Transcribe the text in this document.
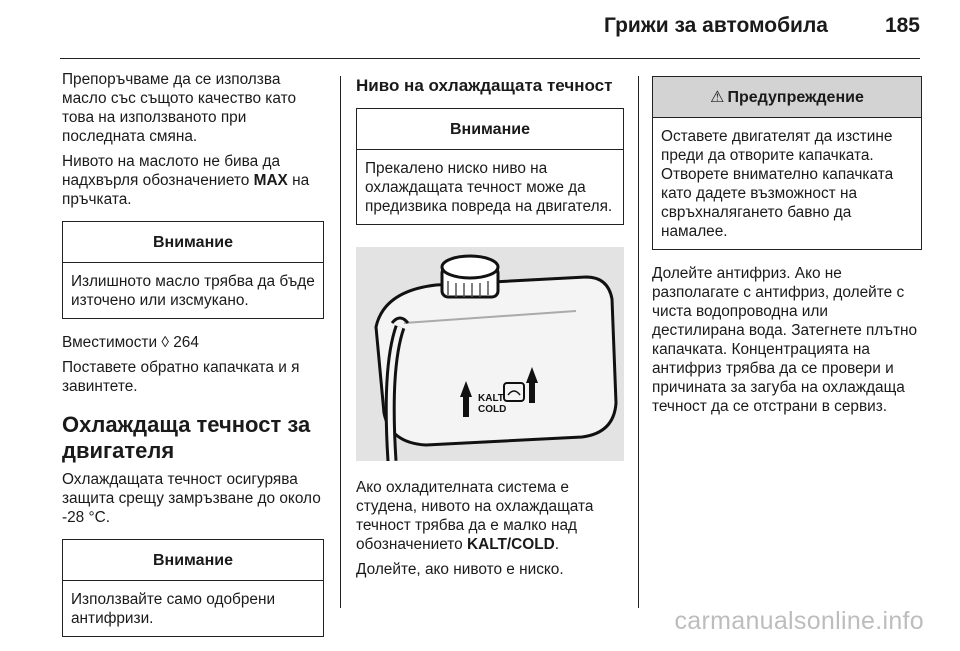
Грижи за автомобила	185

Препоръчваме да се използва масло със същото качество като това на използваното при последната смяна.

Нивото на маслото не бива да надхвърля обозначението MAX на пръчката.

Внимание
Излишното масло трябва да бъде източено или изсмукано.

Вместимости ◊ 264

Поставете обратно капачката и я завинтете.

Охлаждаща течност за двигателя

Охлаждащата течност осигурява защита срещу замръзване до около -28 °C.

Внимание
Използвайте само одобрени антифризи.
Ниво на охлаждащата течност
Внимание
Прекалено ниско ниво на охлаждащата течност може да предизвика повреда на двигателя.
KALT
COLD

Ако охладителната система е студена, нивото на охлаждащата течност трябва да е малко над обозначението KALT/COLD.

Долейте, ако нивото е ниско.

⚠ Предупреждение
Оставете двигателят да изстине преди да отворите капачката. Отворете внимателно капачката като дадете възможност на свръхналягането бавно да намалее.

Долейте антифриз. Ако не разполагате с антифриз, долейте с чиста водопроводна или дестилирана вода. Затегнете плътно капачката. Концентрацията на антифриз трябва да се провери и причината за загуба на охлаждаща течност да се отстрани в сервиз.

carmanualsonline.info
